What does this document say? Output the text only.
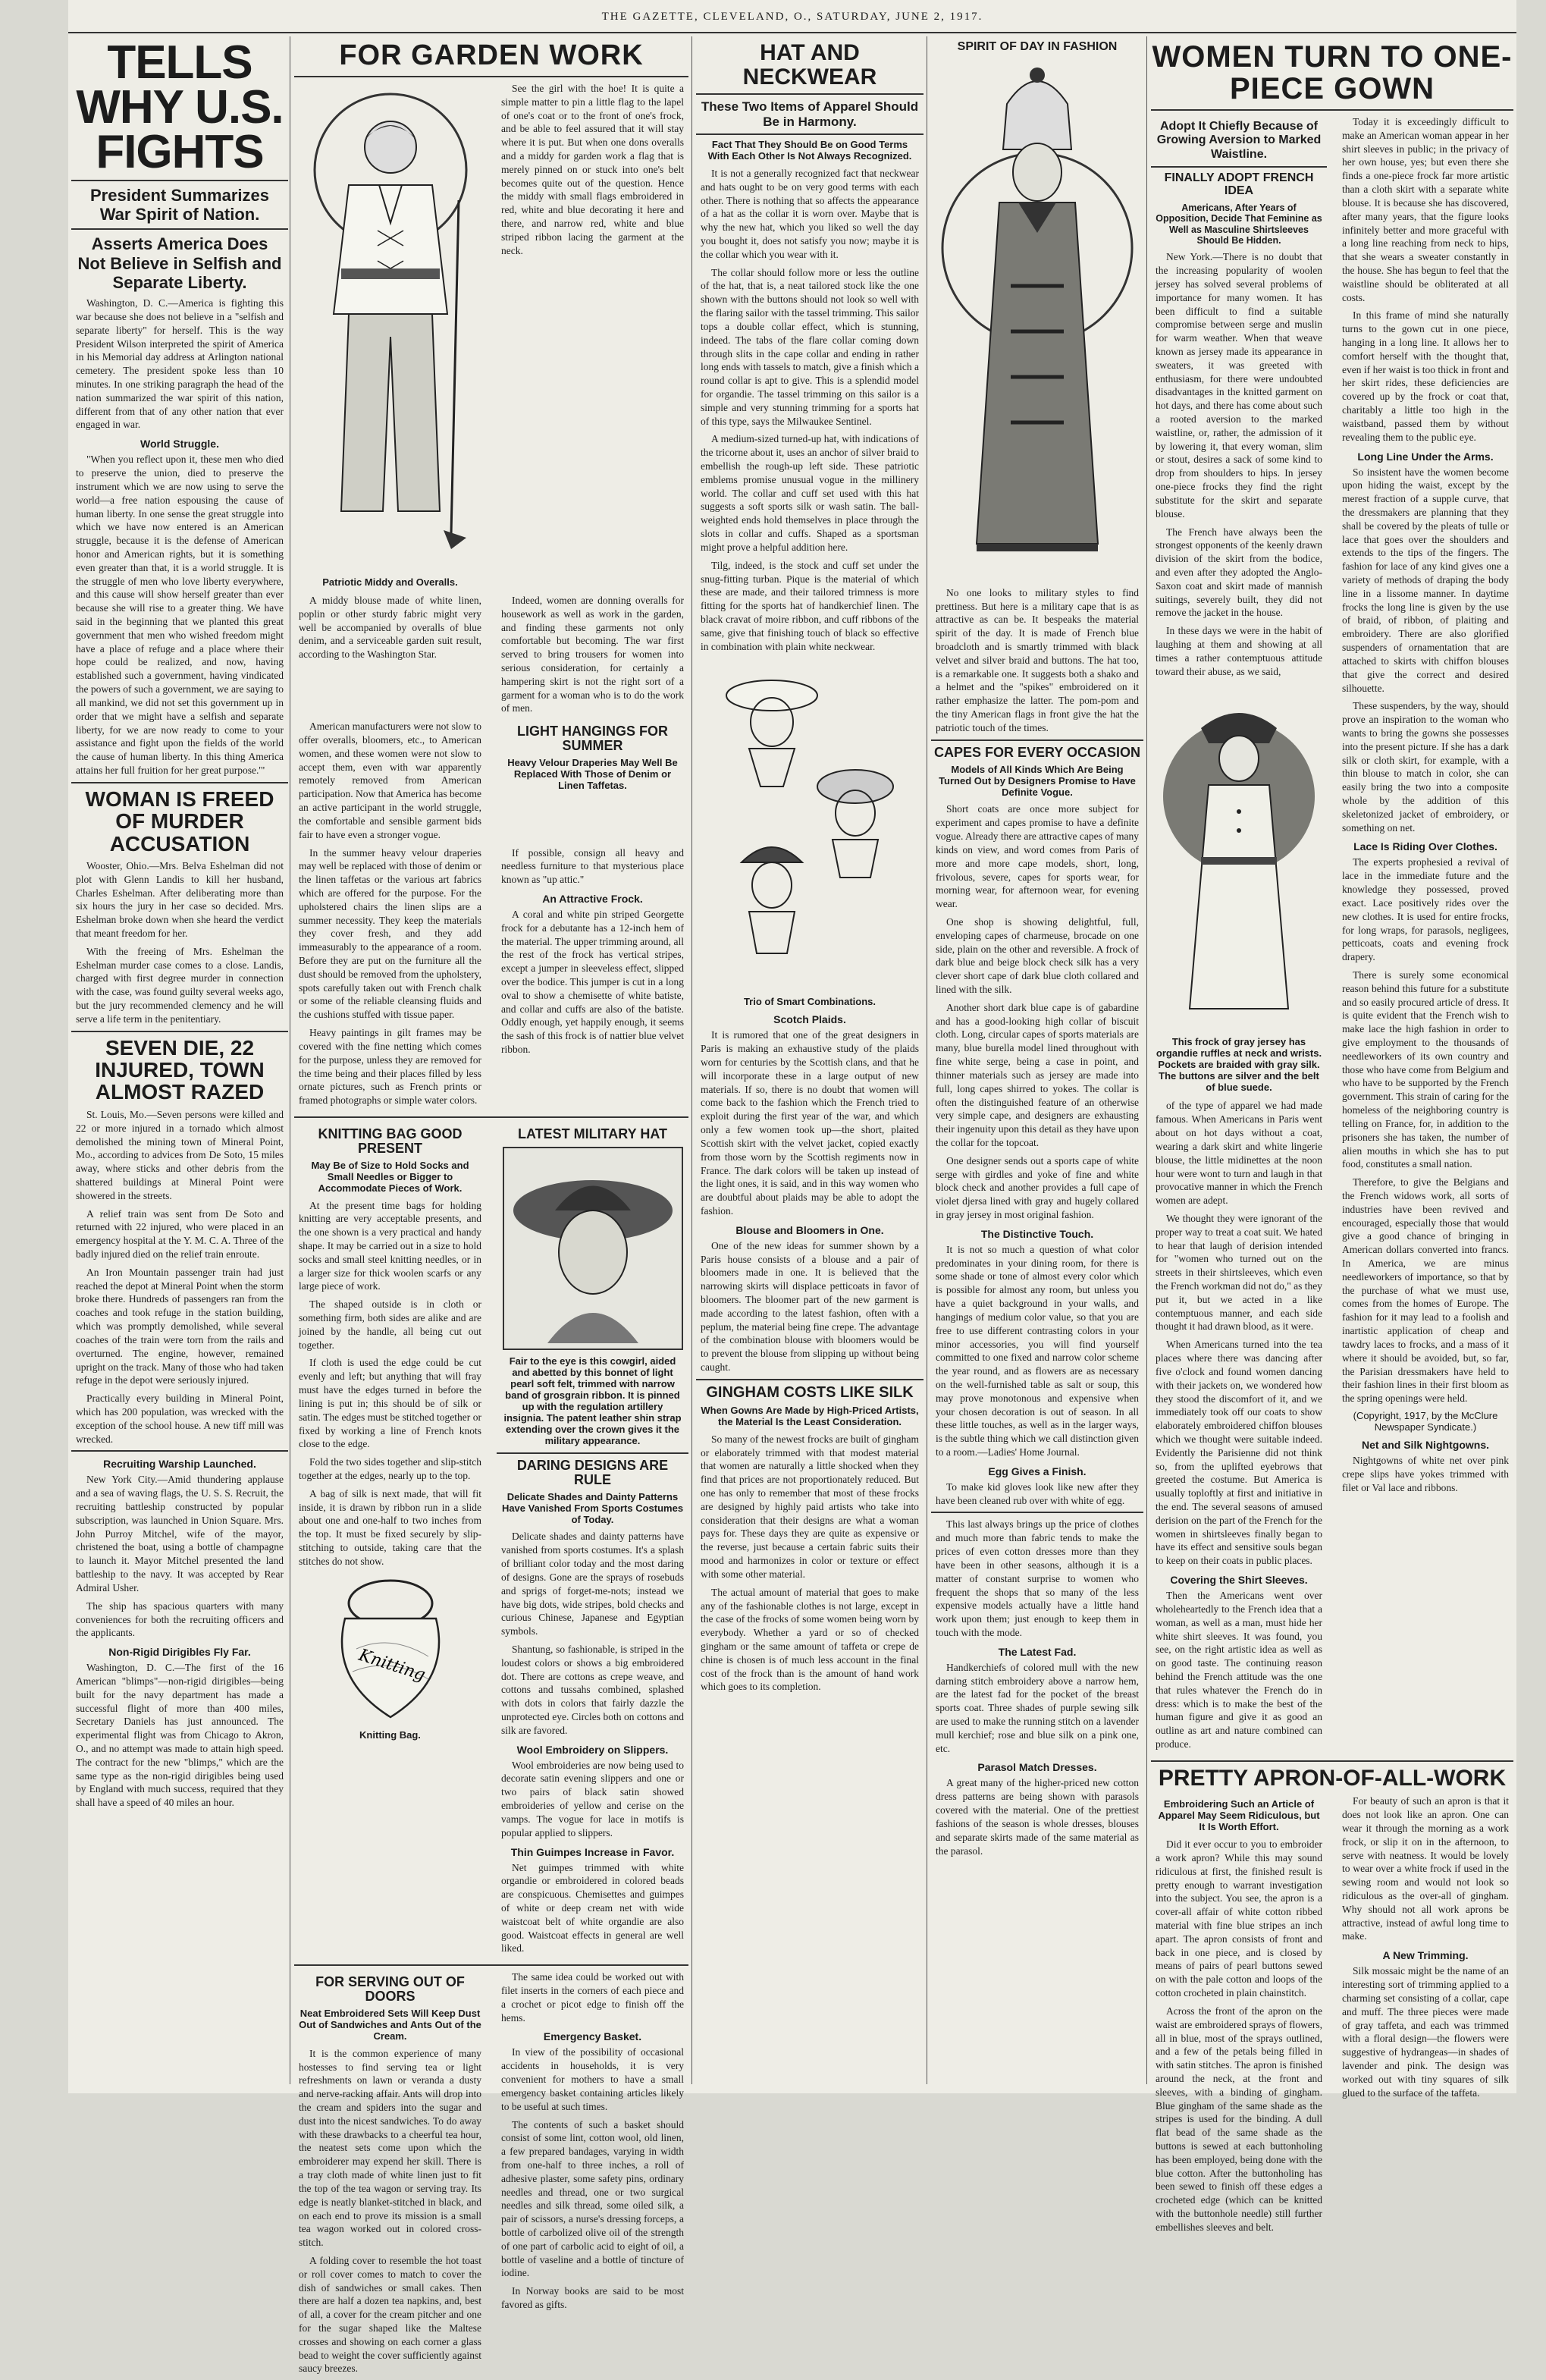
THE GAZETTE, CLEVELAND, O., SATURDAY, JUNE 2, 1917.
TELLS WHY U.S. FIGHTS
President Summarizes War Spirit of Nation.
Asserts America Does Not Believe in Selfish and Separate Liberty.

Washington, D. C.—America is fighting this war because she does not believe in a "selfish and separate liberty" for herself. This is the way President Wilson interpreted the spirit of America in his Memorial day address at Arlington national cemetery. The president spoke less than 10 minutes. In one striking paragraph the head of the nation summarized the war spirit of this nation, different from that of any other nation that ever engaged in war.

World Struggle.

"When you reflect upon it, these men who died to preserve the union, died to preserve the instrument which we are now using to serve the world—a free nation espousing the cause of human liberty. In one sense the great struggle into which we have now entered is an American struggle, because it is the defense of American honor and American rights, but it is something even greater than that, it is a world struggle. It is the struggle of men who love liberty everywhere, and this cause will show herself greater than ever because she will rise to a greater thing. We have said in the beginning that we planted this great government that men who wished freedom might have a place of refuge and a place where their hope could be realized, and now, having established such a government, having vindicated the powers of such a government, we are saying to all mankind, we did not set this government up in order that we might have a selfish and separate liberty, for we are now ready to come to your assistance and fight upon the fields of the world the cause of human liberty. In this thing America attains her full fruition for her great purpose.'"

WOMAN IS FREED OF MURDER ACCUSATION

Wooster, Ohio.—Mrs. Belva Eshelman did not plot with Glenn Landis to kill her husband, Charles Eshelman. After deliberating more than six hours the jury in her case so decided. Mrs. Eshelman broke down when she heard the verdict that meant freedom for her.

With the freeing of Mrs. Eshelman the Eshelman murder case comes to a close. Landis, charged with first degree murder in connection with the case, was found guilty several weeks ago, but the jury recommended clemency and he will serve a life term in the penitentiary.

SEVEN DIE, 22 INJURED, TOWN ALMOST RAZED

St. Louis, Mo.—Seven persons were killed and 22 or more injured in a tornado which almost demolished the mining town of Mineral Point, Mo., according to advices from De Soto, 15 miles away, where sticks and other debris from the shattered buildings at Mineral Point were showered in the streets.

A relief train was sent from De Soto and returned with 22 injured, who were placed in an emergency hospital at the Y. M. C. A. Three of the badly injured died on the relief train enroute.

An Iron Mountain passenger train had just reached the depot at Mineral Point when the storm broke there. Hundreds of passengers ran from the coaches and took refuge in the station building, which was promptly demolished, while several coaches of the train were torn from the rails and overturned. The engine, however, remained upright on the track. Many of those who had taken refuge in the depot were seriously injured.

Practically every building in Mineral Point, which has 200 population, was wrecked with the exception of the school house. A new tiff mill was wrecked.

Recruiting Warship Launched.

New York City.—Amid thundering applause and a sea of waving flags, the U. S. S. Recruit, the recruiting battleship constructed by popular subscription, was launched in Union Square. Mrs. John Purroy Mitchel, wife of the mayor, christened the boat, using a bottle of champagne to launch it. Mayor Mitchel presented the land battleship to the navy. It was accepted by Rear Admiral Usher.

The ship has spacious quarters with many conveniences for both the recruiting officers and the applicants.

Non-Rigid Dirigibles Fly Far.

Washington, D. C.—The first of the 16 American "blimps"—non-rigid dirigibles—being built for the navy department has made a successful flight of more than 400 miles, Secretary Daniels has just announced. The experimental flight was from Chicago to Akron, O., and no attempt was made to attain high speed. The contract for the new "blimps," which are the same type as the non-rigid dirigibles being used by England with much success, required that they shall have a speed of 40 miles an hour.

FOR GARDEN WORK
Patriotic Middy and Overalls.

See the girl with the hoe! It is quite a simple matter to pin a little flag to the lapel of one's coat or to the front of one's frock, and be able to feel assured that it will stay where it is put. But when one dons overalls and a middy for garden work a flag that is merely pinned on or stuck into one's belt becomes quite out of the question. Hence the middy with small flags embroidered in red, white and blue decorating it here and there, and narrow red, white and blue striped ribbon lacing the garment at the neck.

A middy blouse made of white linen, poplin or other sturdy fabric might very well be accompanied by overalls of blue denim, and a serviceable garden suit result, according to the Washington Star.

Indeed, women are donning overalls for housework as well as work in the garden, and finding these garments not only comfortable but becoming. The war first served to bring trousers for women into serious consideration, for certainly a hampering skirt is not the right sort of a garment for a woman who is to do the work of men.

American manufacturers were not slow to offer overalls, bloomers, etc., to American women, and these women were not slow to accept them, even with war apparently remotely removed from American participation. Now that America has become an active participant in the world struggle, the comfortable and sensible garment bids fair to have even a stronger vogue.

LIGHT HANGINGS FOR SUMMER
Heavy Velour Draperies May Well Be Replaced With Those of Denim or Linen Taffetas.

In the summer heavy velour draperies may well be replaced with those of denim or the linen taffetas or the various art fabrics which are offered for the purpose. For the upholstered chairs the linen slips are a summer necessity. They keep the materials they cover fresh, and they add immeasurably to the appearance of a room. Before they are put on the furniture all the dust should be removed from the upholstery, spots carefully taken out with French chalk or some of the reliable cleansing fluids and the cushions stuffed with tissue paper.

Heavy paintings in gilt frames may be covered with the fine netting which comes for the purpose, unless they are removed for the time being and their places filled by less ornate pictures, such as French prints or framed photographs or simple water colors.

If possible, consign all heavy and needless furniture to that mysterious place known as "up attic."

An Attractive Frock.

A coral and white pin striped Georgette frock for a debutante has a 12-inch hem of the material. The upper trimming around, all the rest of the frock has vertical stripes, except a jumper in sleeveless effect, slipped over the bodice. This jumper is cut in a long oval to show a chemisette of white batiste, and collar and cuffs are also of the batiste. Oddly enough, yet happily enough, it seems the sash of this frock is of nattier blue velvet ribbon.

KNITTING BAG GOOD PRESENT
May Be of Size to Hold Socks and Small Needles or Bigger to Accommodate Pieces of Work.

At the present time bags for holding knitting are very acceptable presents, and the one shown is a very practical and handy shape. It may be carried out in a size to hold socks and small steel knitting needles, or in a larger size for thick woolen scarfs or any large piece of work.

The shaped outside is in cloth or something firm, both sides are alike and are joined by the handle, all being cut out together.

If cloth is used the edge could be cut evenly and left; but anything that will fray must have the edges turned in before the lining is put in; this should be of silk or satin. The edges must be stitched together or fixed by working a line of French knots close to the edge.

Fold the two sides together and slip-stitch together at the edges, nearly up to the top.

A bag of silk is next made, that will fit inside, it is drawn by ribbon run in a slide about one and one-half to two inches from the top. It must be fixed securely by slip-stitching to outside, taking care that the stitches do not show.

Knitting
Knitting Bag.
LATEST MILITARY HAT
Fair to the eye is this cowgirl, aided and abetted by this bonnet of light pearl soft felt, trimmed with narrow band of grosgrain ribbon. It is pinned up with the regulation artillery insignia. The patent leather shin strap extending over the crown gives it the military appearance.
DARING DESIGNS ARE RULE
Delicate Shades and Dainty Patterns Have Vanished From Sports Costumes of Today.

Delicate shades and dainty patterns have vanished from sports costumes. It's a splash of brilliant color today and the most daring of designs. Gone are the sprays of rosebuds and sprigs of forget-me-nots; instead we have big dots, wide stripes, bold checks and curious Chinese, Japanese and Egyptian symbols.

Shantung, so fashionable, is striped in the loudest colors or shows a big embroidered dot. There are cottons as crepe weave, and cottons and tussahs combined, splashed with dots in colors that fairly dazzle the unprotected eye. Circles both on cottons and silk are favored.

Wool Embroidery on Slippers.

Wool embroideries are now being used to decorate satin evening slippers and one or two pairs of black satin showed embroideries of yellow and cerise on the vamps. The vogue for lace in motifs is popular applied to slippers.

Thin Guimpes Increase in Favor.

Net guimpes trimmed with white organdie or embroidered in colored beads are conspicuous. Chemisettes and guimpes of white or deep cream net with wide waistcoat belt of white organdie are also good. Waistcoat effects in general are well liked.

FOR SERVING OUT OF DOORS
Neat Embroidered Sets Will Keep Dust Out of Sandwiches and Ants Out of the Cream.

It is the common experience of many hostesses to find serving tea or light refreshments on lawn or veranda a dusty and nerve-racking affair. Ants will drop into the cream and spiders into the sugar and dust into the nicest sandwiches. To do away with these drawbacks to a cheerful tea hour, the neatest sets come upon which the embroiderer may expend her skill. There is a tray cloth made of white linen just to fit the top of the tea wagon or serving tray. Its edge is neatly blanket-stitched in black, and on each end to prove its mission is a small tea wagon worked out in colored cross-stitch.

A folding cover to resemble the hot toast or roll cover comes to match to cover the dish of sandwiches or small cakes. Then there are half a dozen tea napkins, and, best of all, a cover for the cream pitcher and one for the sugar shaped like the Maltese crosses and showing on each corner a glass bead to weight the cover sufficiently against saucy breezes.

The same idea could be worked out with filet inserts in the corners of each piece and a crochet or picot edge to finish off the hems.

Emergency Basket.

In view of the possibility of occasional accidents in households, it is very convenient for mothers to have a small emergency basket containing articles likely to be useful at such times.

The contents of such a basket should consist of some lint, cotton wool, old linen, a few prepared bandages, varying in width from one-half to three inches, a roll of adhesive plaster, some safety pins, ordinary needles and thread, one or two surgical needles and silk thread, some oiled silk, a pair of scissors, a nurse's dressing forceps, a bottle of carbolized olive oil of the strength of one part of carbolic acid to eight of oil, a bottle of vaseline and a bottle of tincture of iodine.

In Norway books are said to be most favored as gifts.

HAT AND NECKWEAR
These Two Items of Apparel Should Be in Harmony.
Fact That They Should Be on Good Terms With Each Other Is Not Always Recognized.

It is not a generally recognized fact that neckwear and hats ought to be on very good terms with each other. There is nothing that so affects the appearance of a hat as the collar it is worn over. Maybe that is why the new hat, which you liked so well the day you bought it, does not satisfy you now; maybe it is the collar which you wear with it.

The collar should follow more or less the outline of the hat, that is, a neat tailored stock like the one shown with the buttons should not look so well with the flaring sailor with the tassel trimming. This sailor tops a double collar effect, which is stunning, indeed. The tabs of the flare collar coming down through slits in the cape collar and ending in rather long ends with tassels to match, give a finish which a round collar is apt to give. This is a splendid model for organdie. The tassel trimming on this sailor is a simple and very stunning trimming for a sports hat of this type, says the Milwaukee Sentinel.

A medium-sized turned-up hat, with indications of the tricorne about it, uses an anchor of silver braid to embellish the rough-up left side. These patriotic emblems promise unusual vogue in the millinery world. The collar and cuff set used with this hat suggests a soft sports silk or wash satin. The ball-weighted ends hold themselves in place through the slots in collar and cuffs. Shaped as a sportsman might prove a helpful addition here.

Tilg, indeed, is the stock and cuff set under the snug-fitting turban. Pique is the material of which these are made, and their tailored trimness is more fitting for the sports hat of handkerchief linen. The black cravat of moire ribbon, and cuff ribbons of the same, give that finishing touch of black so effective in combination with plain white neckwear.

Trio of Smart Combinations.
Scotch Plaids.

It is rumored that one of the great designers in Paris is making an exhaustive study of the plaids worn for centuries by the Scottish clans, and that he will incorporate these in a large output of new materials. If so, there is no doubt that women will come back to the fashion which the French tried to exploit during the first year of the war, and which only a few women took up—the short, plaited Scottish skirt with the velvet jacket, copied exactly from those worn by the Scottish regiments now in France. The dark colors will be taken up instead of the light ones, it is said, and in this way women who are doubtful about plaids may be able to adopt the fashion.

Blouse and Bloomers in One.

One of the new ideas for summer shown by a Paris house consists of a blouse and a pair of bloomers made in one. It is believed that the narrowing skirts will displace petticoats in favor of bloomers. The bloomer part of the new garment is made according to the latest fashion, often with a peplum, the material being fine crepe. The advantage of the combination blouse with bloomers would be to prevent the blouse from slipping up without being caught.

GINGHAM COSTS LIKE SILK
When Gowns Are Made by High-Priced Artists, the Material Is the Least Consideration.

So many of the newest frocks are built of gingham or elaborately trimmed with that modest material that women are naturally a little shocked when they find that prices are not proportionately reduced. But one has only to remember that most of these frocks are designed by highly paid artists who take into consideration that their designs are what a woman pays for. These days they are quite as expensive or the reverse, just because a certain fabric suits their mood and harmonizes in color or texture or effect with some other material.

The actual amount of material that goes to make any of the fashionable clothes is not large, except in the case of the frocks of some women being worn by everybody. Whether a yard or so of checked gingham or the same amount of taffeta or crepe de chine is chosen is of much less account in the final cost of the frock than is the amount of hand work which goes to its completion.

SPIRIT OF DAY IN FASHION

No one looks to military styles to find prettiness. But here is a military cape that is as attractive as can be. It bespeaks the material spirit of the day. It is made of French blue broadcloth and is smartly trimmed with black velvet and silver braid and buttons. The hat too, is a remarkable one. It suggests both a shako and a helmet and the "spikes" embroidered on it rather emphasize the latter. The pom-pom and the tiny American flags in front give the hat the patriotic touch of the times.

CAPES FOR EVERY OCCASION
Models of All Kinds Which Are Being Turned Out by Designers Promise to Have Definite Vogue.

Short coats are once more subject for experiment and capes promise to have a definite vogue. Already there are attractive capes of many kinds on view, and word comes from Paris of more and more cape models, short, long, frivolous, severe, capes for sports wear, for morning wear, for afternoon wear, for evening wear.

One shop is showing delightful, full, enveloping capes of charmeuse, brocade on one side, plain on the other and reversible. A frock of dark blue and beige block check silk has a very clever short cape of dark blue cloth collared and lined with the silk.

Another short dark blue cape is of gabardine and has a good-looking high collar of biscuit cloth. Long, circular capes of sports materials are many, blue burella model lined throughout with fine white serge, being a case in point, and thinner materials such as jersey are made into full, long capes shirred to yokes. The collar is often the distinguished feature of an otherwise very simple cape, and designers are exhausting their ingenuity upon this detail as they have upon the collar for the topcoat.

One designer sends out a sports cape of white serge with girdles and yoke of fine and white block check and another provides a full cape of violet djersa lined with gray and hugely collared in gray jersey in most original fashion.

The Distinctive Touch.

It is not so much a question of what color predominates in your dining room, for there is some shade or tone of almost every color which is possible for almost any room, but unless you have a quiet background in your walls, and hangings of medium color value, so that you are free to use different contrasting colors in your minor accessories, you will find yourself committed to one fixed and narrow color scheme the year round, and as flowers are as necessary on the well-furnished table as salt or soup, this may prove monotonous and expensive when your chosen decoration is out of season. In all these little touches, as well as in the larger ways, is the subtle thing which we call distinction given to a room.—Ladies' Home Journal.

Egg Gives a Finish.

To make kid gloves look like new after they have been cleaned rub over with white of egg.

This last always brings up the price of clothes and much more than fabric tends to make the prices of even cotton dresses more than they have been in other seasons, although it is a matter of constant surprise to women who frequent the shops that so many of the less expensive models actually have a little hand work upon them; just enough to keep them in touch with the mode.

The Latest Fad.

Handkerchiefs of colored mull with the new darning stitch embroidery above a narrow hem, are the latest fad for the pocket of the breast sports coat. Three shades of purple sewing silk are used to make the running stitch on a lavender mull kerchief; rose and blue silk on a pink one, etc.

Parasol Match Dresses.

A great many of the higher-priced new cotton dress patterns are being shown with parasols covered with the material. One of the prettiest fashions of the season is whole dresses, blouses and separate skirts made of the same material as the parasol.

WOMEN TURN TO ONE-PIECE GOWN
Adopt It Chiefly Because of Growing Aversion to Marked Waistline.
FINALLY ADOPT FRENCH IDEA
Americans, After Years of Opposition, Decide That Feminine as Well as Masculine Shirtsleeves Should Be Hidden.

New York.—There is no doubt that the increasing popularity of woolen jersey has solved several problems of importance for many women. It has been difficult to find a suitable compromise between serge and muslin for warm weather. When that weave known as jersey made its appearance in sweaters, it was greeted with enthusiasm, for there were undoubted disadvantages in the knitted garment on hot days, and there has come about such a rooted aversion to the marked waistline, or, rather, the admission of it by lowering it, that every woman, slim or stout, desires a sack of some kind to drop from shoulders to hips. In jersey one-piece frocks they find the right substitute for the skirt and separate blouse.

The French have always been the strongest opponents of the keenly drawn division of the skirt from the bodice, and even after they adopted the Anglo-Saxon coat and skirt made of mannish suitings, severely built, they did not remove the jacket in the house.

In these days we were in the habit of laughing at them and showing at all times a rather contemptuous attitude toward their abuse, as we said,

This frock of gray jersey has organdie ruffles at neck and wrists. Pockets are braided with gray silk. The buttons are silver and the belt of blue suede.

of the type of apparel we had made famous. When Americans in Paris went about on hot days without a coat, wearing a dark skirt and white lingerie blouse, the little midinettes at the noon hour were wont to turn and laugh in that provocative manner in which the French women are adept.

We thought they were ignorant of the proper way to treat a coat suit. We hated to hear that laugh of derision intended for "women who turned out on the streets in their shirtsleeves, which even the French workman did not do," as they put it, but we acted in a like contemptuous manner, and each side thought it had drawn blood, as it were.

When Americans turned into the tea places where there was dancing after five o'clock and found women dancing with their jackets on, we wondered how they stood the discomfort of it, and we immediately took off our coats to show elaborately embroidered chiffon blouses which we thought were suitable indeed. Evidently the Parisienne did not think so, from the uplifted eyebrows that greeted the costume. But America is usually toploftly at first and initiative in the end. The several seasons of amused derision on the part of the French for the women in shirtsleeves finally began to have its effect and sensitive souls began to keep on their coats in public places.

Covering the Shirt Sleeves.

Then the Americans went over wholeheartedly to the French idea that a woman, as well as a man, must hide her white shirt sleeves. It was found, you see, on the right artistic idea as well as on good taste. The continuing reason behind the French attitude was the one that rules whatever the French do in dress: which is to make the best of the human figure and give it as good an outline as art and nature combined can produce.

Today it is exceedingly difficult to make an American woman appear in her shirt sleeves in public; in the privacy of her own house, yes; but even there she finds a one-piece frock far more artistic than a cloth skirt with a separate white blouse. It is because she has discovered, after many years, that the figure looks infinitely better and more graceful with a long line reaching from neck to hips, that she wears a sweater constantly in the house. She has begun to feel that the waistline should be obliterated at all costs.

In this frame of mind she naturally turns to the gown cut in one piece, hanging in a long line. It allows her to comfort herself with the thought that, even if her waist is too thick in front and her skirt rides, these deficiencies are covered up by the frock or coat that, charitably a little too high in the waistband, passed them by without revealing them to the public eye.

Long Line Under the Arms.

So insistent have the women become upon hiding the waist, except by the merest fraction of a supple curve, that the dressmakers are planning that they shall be covered by the pleats of tulle or lace that goes over the shoulders and extends to the tips of the fingers. The fashion for lace of any kind gives one a variety of methods of draping the body line in a lissome manner. In daytime frocks the long line is given by the use of braid, of ribbon, of plaiting and embroidery. There are also glorified suspenders of ornamentation that are attached to skirts with chiffon blouses that give the correct and desired silhouette.

These suspenders, by the way, should prove an inspiration to the woman who wants to bring the gowns she possesses into the present picture. If she has a dark silk or cloth skirt, for example, with a thin blouse to match in color, she can easily bring the two into a composite whole by the addition of this skeletonized jacket of embroidery, or something on net.

Lace Is Riding Over Clothes.

The experts prophesied a revival of lace in the immediate future and the knowledge they possessed, proved exact. Lace positively rides over the new clothes. It is used for entire frocks, for long wraps, for parasols, negligees, petticoats, coats and evening frock drapery.

There is surely some economical reason behind this future for a substitute and so easily procured article of dress. It is quite evident that the French wish to make lace the high fashion in order to give employment to the thousands of needleworkers of its own country and those who have come from Belgium and who have to be supported by the French government. This strain of caring for the homeless of the neighboring country is telling on France, for, in addition to the prisoners she has taken, the number of alien mouths in which she has to put food, constitutes a small nation.

Therefore, to give the Belgians and the French widows work, all sorts of industries have been revived and encouraged, especially those that would give a good chance of bringing in American dollars converted into francs. In America, we are minus needleworkers of importance, so that by the purchase of what we must use, comes from the homes of Europe. The fashion for it may lead to a foolish and inartistic application of cheap and tawdry laces to frocks, and a mass of it where it should be avoided, but, so far, the Parisian dressmakers have held to their fashion lines in their first bloom as the spring openings were held.

(Copyright, 1917, by the McClure Newspaper Syndicate.)
Net and Silk Nightgowns.

Nightgowns of white net over pink crepe slips have yokes trimmed with filet or Val lace and ribbons.

PRETTY APRON-OF-ALL-WORK
Embroidering Such an Article of Apparel May Seem Ridiculous, but It Is Worth Effort.

Did it ever occur to you to embroider a work apron? While this may sound ridiculous at first, the finished result is pretty enough to warrant investigation into the subject. You see, the apron is a cover-all affair of white cotton ribbed material with fine blue stripes an inch apart. The apron consists of front and back in one piece, and is closed by means of pairs of pearl buttons sewed on with the pale cotton and loops of the cotton crocheted in plain chainstitch.

Across the front of the apron on the waist are embroidered sprays of flowers, all in blue, most of the sprays outlined, and a few of the petals being filled in with satin stitches. The apron is finished around the neck, at the front and sleeves, with a binding of gingham. Blue gingham of the same shade as the stripes is used for the binding. A dull flat bead of the same shade as the buttons is sewed at each buttonholing has been employed, being done with the blue cotton. After the buttonholing has been sewed to finish off these edges a crocheted edge (which can be knitted with the buttonhole needle) still further embellishes sleeves and belt.

For beauty of such an apron is that it does not look like an apron. One can wear it through the morning as a work frock, or slip it on in the afternoon, to serve with neatness. It would be lovely to wear over a white frock if used in the sewing room and would not look so ridiculous as the over-all of gingham. Why should not all work aprons be attractive, instead of awful long time to make.

A New Trimming.

Silk mossaic might be the name of an interesting sort of trimming applied to a charming set consisting of a collar, cape and muff. The three pieces were made of gray taffeta, and each was trimmed with a floral design—the flowers were suggestive of hydrangeas—in shades of lavender and pink. The design was worked out with tiny squares of silk glued to the surface of the taffeta.
